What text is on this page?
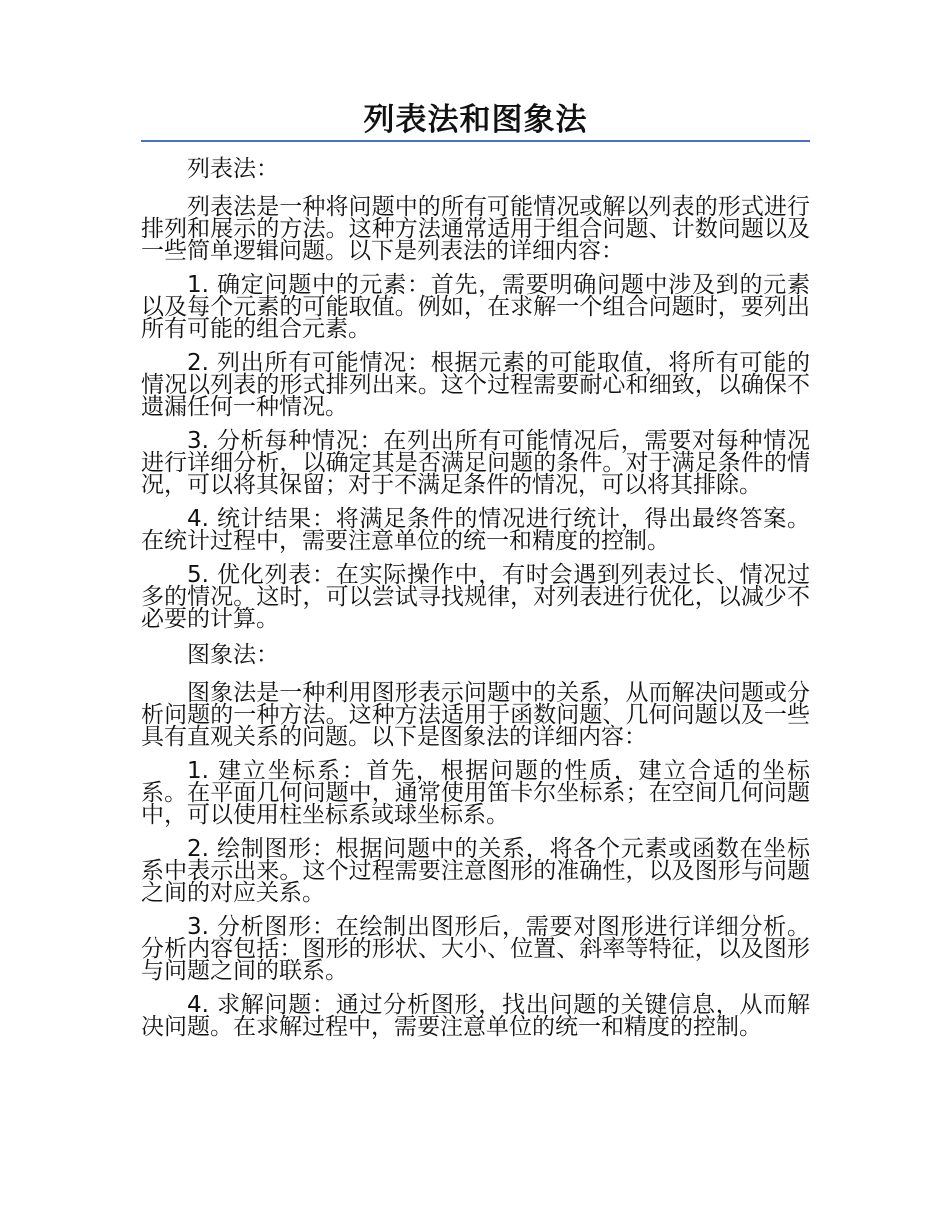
列表法和图象法

列表法：

列表法是一种将问题中的所有可能情况或解以列表的形式进行排列和展示的方法。这种方法通常适用于组合问题、计数问题以及一些简单逻辑问题。以下是列表法的详细内容：

1. 确定问题中的元素：首先，需要明确问题中涉及到的元素以及每个元素的可能取值。例如，在求解一个组合问题时，要列出所有可能的组合元素。

2. 列出所有可能情况：根据元素的可能取值，将所有可能的情况以列表的形式排列出来。这个过程需要耐心和细致，以确保不遗漏任何一种情况。

3. 分析每种情况：在列出所有可能情况后，需要对每种情况进行详细分析，以确定其是否满足问题的条件。对于满足条件的情况，可以将其保留；对于不满足条件的情况，可以将其排除。

4. 统计结果：将满足条件的情况进行统计，得出最终答案。在统计过程中，需要注意单位的统一和精度的控制。

5. 优化列表：在实际操作中，有时会遇到列表过长、情况过多的情况。这时，可以尝试寻找规律，对列表进行优化，以减少不必要的计算。

图象法：

图象法是一种利用图形表示问题中的关系，从而解决问题或分析问题的一种方法。这种方法适用于函数问题、几何问题以及一些具有直观关系的问题。以下是图象法的详细内容：

1. 建立坐标系：首先，根据问题的性质，建立合适的坐标系。在平面几何问题中，通常使用笛卡尔坐标系；在空间几何问题中，可以使用柱坐标系或球坐标系。

2. 绘制图形：根据问题中的关系，将各个元素或函数在坐标系中表示出来。这个过程需要注意图形的准确性，以及图形与问题之间的对应关系。

3. 分析图形：在绘制出图形后，需要对图形进行详细分析。分析内容包括：图形的形状、大小、位置、斜率等特征，以及图形与问题之间的联系。

4. 求解问题：通过分析图形，找出问题的关键信息，从而解决问题。在求解过程中，需要注意单位的统一和精度的控制。
